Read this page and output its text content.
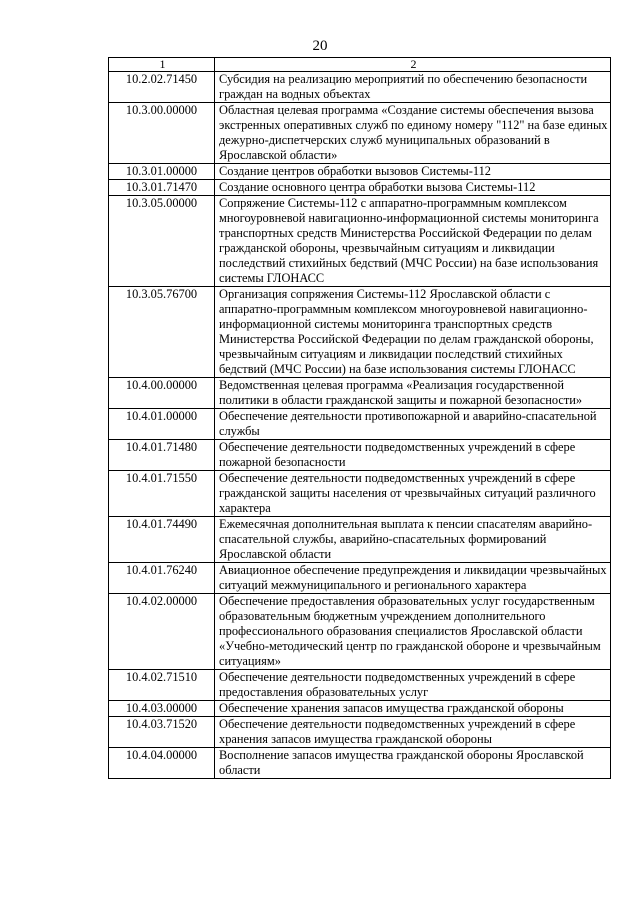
20
1	2
10.2.02.71450	Субсидия на реализацию мероприятий по обеспечению безопасности граждан на водных объектах
10.3.00.00000	Областная целевая программа «Создание системы обеспечения вызова экстренных оперативных служб по единому номеру "112" на базе единых дежурно-диспетчерских служб муниципальных образований в Ярославской области»
10.3.01.00000	Создание центров обработки вызовов Системы-112
10.3.01.71470	Создание основного центра обработки вызова Системы-112
10.3.05.00000	Сопряжение Системы-112 с аппаратно-программным комплексом многоуровневой навигационно-информационной системы мониторинга транспортных средств Министерства Российской Федерации по делам гражданской обороны, чрезвычайным ситуациям и ликвидации последствий стихийных бедствий (МЧС России) на базе использования системы ГЛОНАСС
10.3.05.76700	Организация сопряжения Системы-112 Ярославской области с аппаратно-программным комплексом многоуровневой навигационно-информационной системы мониторинга транспортных средств Министерства Российской Федерации по делам гражданской обороны, чрезвычайным ситуациям и ликвидации последствий стихийных бедствий (МЧС России) на базе использования системы ГЛОНАСС
10.4.00.00000	Ведомственная целевая программа «Реализация государственной политики в области гражданской защиты и пожарной безопасности»
10.4.01.00000	Обеспечение деятельности противопожарной и аварийно-спасательной службы
10.4.01.71480	Обеспечение деятельности подведомственных учреждений в сфере пожарной безопасности
10.4.01.71550	Обеспечение деятельности подведомственных учреждений в сфере гражданской защиты населения от чрезвычайных ситуаций различного характера
10.4.01.74490	Ежемесячная дополнительная выплата к пенсии спасателям аварийно-спасательной службы, аварийно-спасательных формирований Ярославской области
10.4.01.76240	Авиационное обеспечение предупреждения и ликвидации чрезвычайных ситуаций межмуниципального и регионального характера
10.4.02.00000	Обеспечение предоставления образовательных услуг государственным образовательным бюджетным учреждением дополнительного профессионального образования специалистов Ярославской области «Учебно-методический центр по гражданской обороне и чрезвычайным ситуациям»
10.4.02.71510	Обеспечение деятельности подведомственных учреждений в сфере предоставления образовательных услуг
10.4.03.00000	Обеспечение хранения запасов имущества гражданской обороны
10.4.03.71520	Обеспечение деятельности подведомственных учреждений в сфере хранения запасов имущества гражданской обороны
10.4.04.00000	Восполнение запасов имущества гражданской обороны Ярославской области
